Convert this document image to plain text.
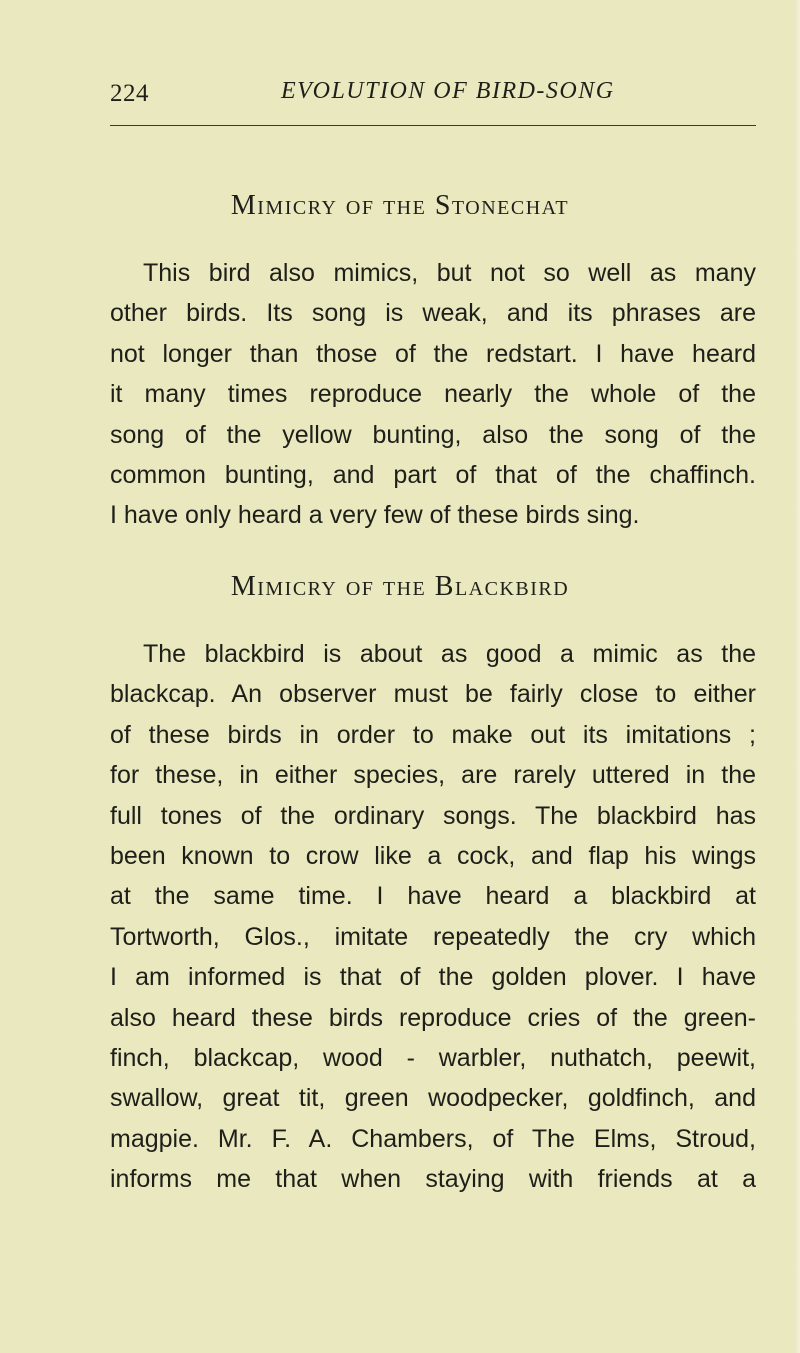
224	EVOLUTION OF BIRD-SONG
Mimicry of the Stonechat
This bird also mimics, but not so well as many
other birds. Its song is weak, and its phrases are
not longer than those of the redstart. I have heard
it many times reproduce nearly the whole of the
song of the yellow bunting, also the song of the
common bunting, and part of that of the chaffinch.
I have only heard a very few of these birds sing.
Mimicry of the Blackbird
The blackbird is about as good a mimic as the
blackcap. An observer must be fairly close to either
of these birds in order to make out its imitations ;
for these, in either species, are rarely uttered in the
full tones of the ordinary songs. The blackbird has
been known to crow like a cock, and flap his wings
at the same time. I have heard a blackbird at
Tortworth, Glos., imitate repeatedly the cry which
I am informed is that of the golden plover. I have
also heard these birds reproduce cries of the green-
finch, blackcap, wood - warbler, nuthatch, peewit,
swallow, great tit, green woodpecker, goldfinch, and
magpie. Mr. F. A. Chambers, of The Elms, Stroud,
informs me that when staying with friends at a
